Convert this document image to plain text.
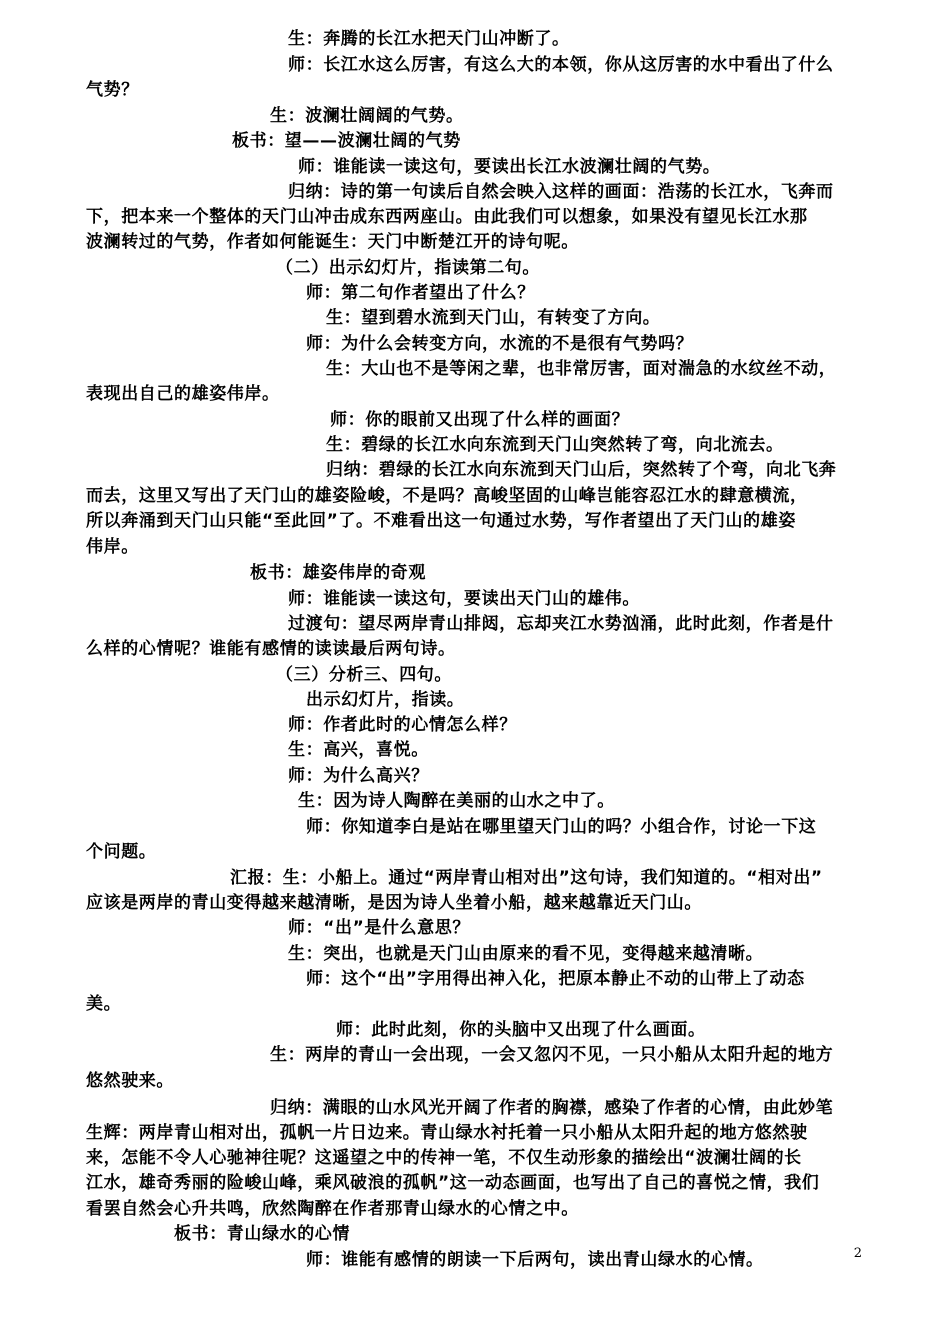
生：奔腾的长江水把天门山冲断了。
师：长江水这么厉害，有这么大的本领，你从这厉害的水中看出了什么
气势？
生：波澜壮阔阔的气势。
板书：望——波澜壮阔的气势
师：谁能读一读这句，要读出长江水波澜壮阔的气势。
归纳：诗的第一句读后自然会映入这样的画面：浩荡的长江水，飞奔而
下，把本来一个整体的天门山冲击成东西两座山。由此我们可以想象，如果没有望见长江水那
波澜转过的气势，作者如何能诞生：天门中断楚江开的诗句呢。
（二）出示幻灯片，指读第二句。
师：第二句作者望出了什么？
生：望到碧水流到天门山，有转变了方向。
师：为什么会转变方向，水流的不是很有气势吗？
生：大山也不是等闲之辈，也非常厉害，面对湍急的水纹丝不动，
表现出自己的雄姿伟岸。
师：你的眼前又出现了什么样的画面？
生：碧绿的长江水向东流到天门山突然转了弯，向北流去。
归纳：碧绿的长江水向东流到天门山后，突然转了个弯，向北飞奔
而去，这里又写出了天门山的雄姿险峻，不是吗？高峻坚固的山峰岂能容忍江水的肆意横流，
所以奔涌到天门山只能“至此回”了。不难看出这一句通过水势，写作者望出了天门山的雄姿
伟岸。
板书：雄姿伟岸的奇观
师：谁能读一读这句，要读出天门山的雄伟。
过渡句：望尽两岸青山排闼，忘却夹江水势汹涌，此时此刻，作者是什
么样的心情呢？谁能有感情的读读最后两句诗。
（三）分析三、四句。
出示幻灯片，指读。
师：作者此时的心情怎么样？
生：高兴，喜悦。
师：为什么高兴？
生：因为诗人陶醉在美丽的山水之中了。
师：你知道李白是站在哪里望天门山的吗？小组合作，讨论一下这
个问题。
汇报：生：小船上。通过“两岸青山相对出”这句诗，我们知道的。“相对出”
应该是两岸的青山变得越来越清晰，是因为诗人坐着小船，越来越靠近天门山。
师：“出”是什么意思？
生：突出，也就是天门山由原来的看不见，变得越来越清晰。
师：这个“出”字用得出神入化，把原本静止不动的山带上了动态
美。
师：此时此刻，你的头脑中又出现了什么画面。
生：两岸的青山一会出现，一会又忽闪不见，一只小船从太阳升起的地方
悠然驶来。
归纳：满眼的山水风光开阔了作者的胸襟，感染了作者的心情，由此妙笔
生辉：两岸青山相对出，孤帆一片日边来。青山绿水衬托着一只小船从太阳升起的地方悠然驶
来，怎能不令人心驰神往呢？这遥望之中的传神一笔，不仅生动形象的描绘出“波澜壮阔的长
江水，雄奇秀丽的险峻山峰，乘风破浪的孤帆”这一动态画面，也写出了自己的喜悦之情，我们
看罢自然会心升共鸣，欣然陶醉在作者那青山绿水的心情之中。
板书：青山绿水的心情
师：谁能有感情的朗读一下后两句，读出青山绿水的心情。	2
